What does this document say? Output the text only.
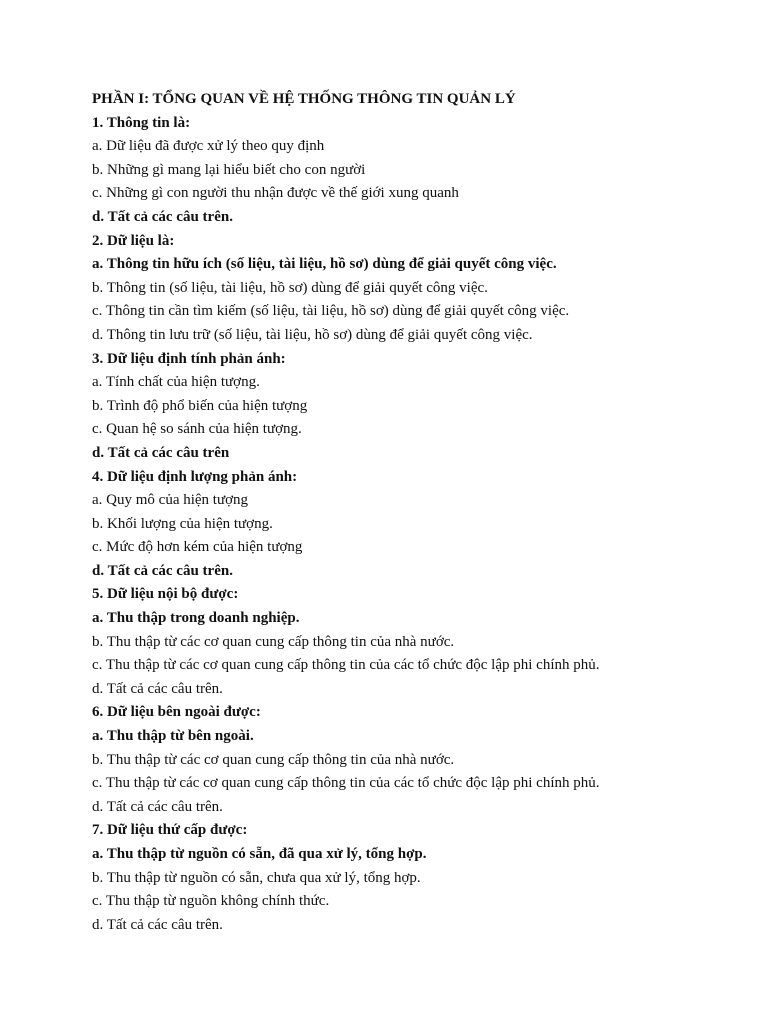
PHẦN I: TỔNG QUAN VỀ HỆ THỐNG THÔNG TIN QUẢN LÝ

1. Thông tin là:

a. Dữ liệu đã được xử lý theo quy định

b. Những gì mang lại hiểu biết cho con người

c. Những gì con người thu nhận được về thế giới xung quanh

d. Tất cả các câu trên.

2. Dữ liệu là:

a. Thông tin hữu ích (số liệu, tài liệu, hồ sơ) dùng để giải quyết công việc.

b. Thông tin (số liệu, tài liệu, hồ sơ) dùng để giải quyết công việc.

c. Thông tin cần tìm kiếm (số liệu, tài liệu, hồ sơ) dùng để giải quyết công việc.

d. Thông tin lưu trữ (số liệu, tài liệu, hồ sơ) dùng để giải quyết công việc.

3. Dữ liệu định tính phản ánh:

a. Tính chất của hiện tượng.

b. Trình độ phổ biến của hiện tượng

c. Quan hệ so sánh của hiện tượng.

d. Tất cả các câu trên

4. Dữ liệu định lượng phản ánh:

a. Quy mô của hiện tượng

b. Khối lượng của hiện tượng.

c. Mức độ hơn kém của hiện tượng

d. Tất cả các câu trên.

5. Dữ liệu nội bộ được:

a. Thu thập trong doanh nghiệp.

b. Thu thập từ các cơ quan cung cấp thông tin của nhà nước.

c. Thu thập từ các cơ quan cung cấp thông tin của các tổ chức độc lập phi chính phủ.

d. Tất cả các câu trên.

6. Dữ liệu bên ngoài được:

a. Thu thập từ bên ngoài.

b. Thu thập từ các cơ quan cung cấp thông tin của nhà nước.

c. Thu thập từ các cơ quan cung cấp thông tin của các tổ chức độc lập phi chính phủ.

d. Tất cả các câu trên.

7. Dữ liệu thứ cấp được:

a. Thu thập từ nguồn có sẵn, đã qua xử lý, tổng hợp.

b. Thu thập từ nguồn có sẵn, chưa qua xử lý, tổng hợp.

c. Thu thập từ nguồn không chính thức.

d. Tất cả các câu trên.
